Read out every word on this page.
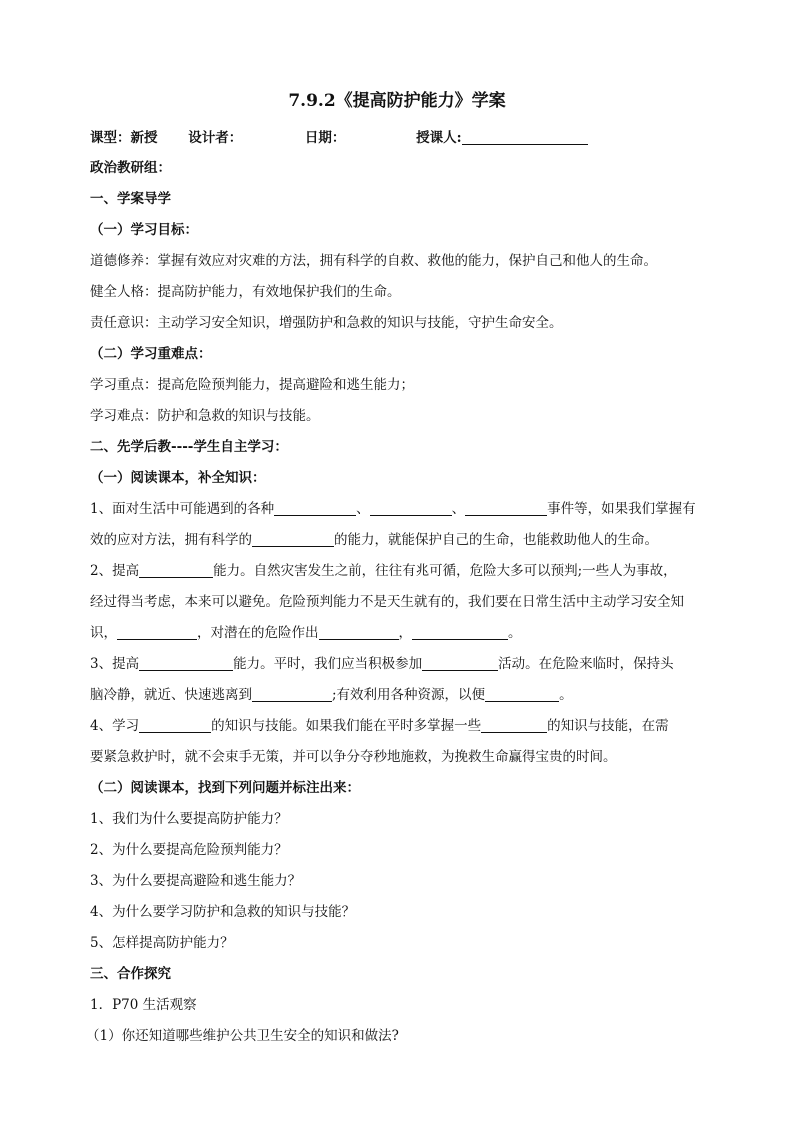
7.9.2《提高防护能力》学案
课型：新授 设计者：	日期：	授课人:
政治教研组：
一、学案导学
（一）学习目标：
道德修养：掌握有效应对灾难的方法，拥有科学的自救、救他的能力，保护自己和他人的生命。
健全人格：提高防护能力，有效地保护我们的生命。
责任意识：主动学习安全知识，增强防护和急救的知识与技能，守护生命安全。
（二）学习重难点：
学习重点：提高危险预判能力，提高避险和逃生能力；
学习难点：防护和急救的知识与技能。
二、先学后教----学生自主学习：
（一）阅读课本，补全知识：
1、面对生活中可能遇到的各种	、	、	事件等，如果我们掌握有
效的应对方法，拥有科学的	的能力，就能保护自己的生命，也能救助他人的生命。
2、提高	能力。自然灾害发生之前，往往有兆可循，危险大多可以预判;一些人为事故，
经过得当考虑，本来可以避免。危险预判能力不是天生就有的，我们要在日常生活中主动学习安全知
识，	，对潜在的危险作出	，	。
3、提高	能力。平时，我们应当积极参加	活动。在危险来临时，保持头
脑冷静，就近、快速逃离到	;有效利用各种资源，以便	。
4、学习	的知识与技能。如果我们能在平时多掌握一些	的知识与技能，在需
要紧急救护时，就不会束手无策，并可以争分夺秒地施救，为挽救生命赢得宝贵的时间。
（二）阅读课本，找到下列问题并标注出来：
1、我们为什么要提高防护能力？
2、为什么要提高危险预判能力？
3、为什么要提高避险和逃生能力？
4、为什么要学习防护和急救的知识与技能？
5、怎样提高防护能力？
三、合作探究
1．P70 生活观察
（1）你还知道哪些维护公共卫生安全的知识和做法?
